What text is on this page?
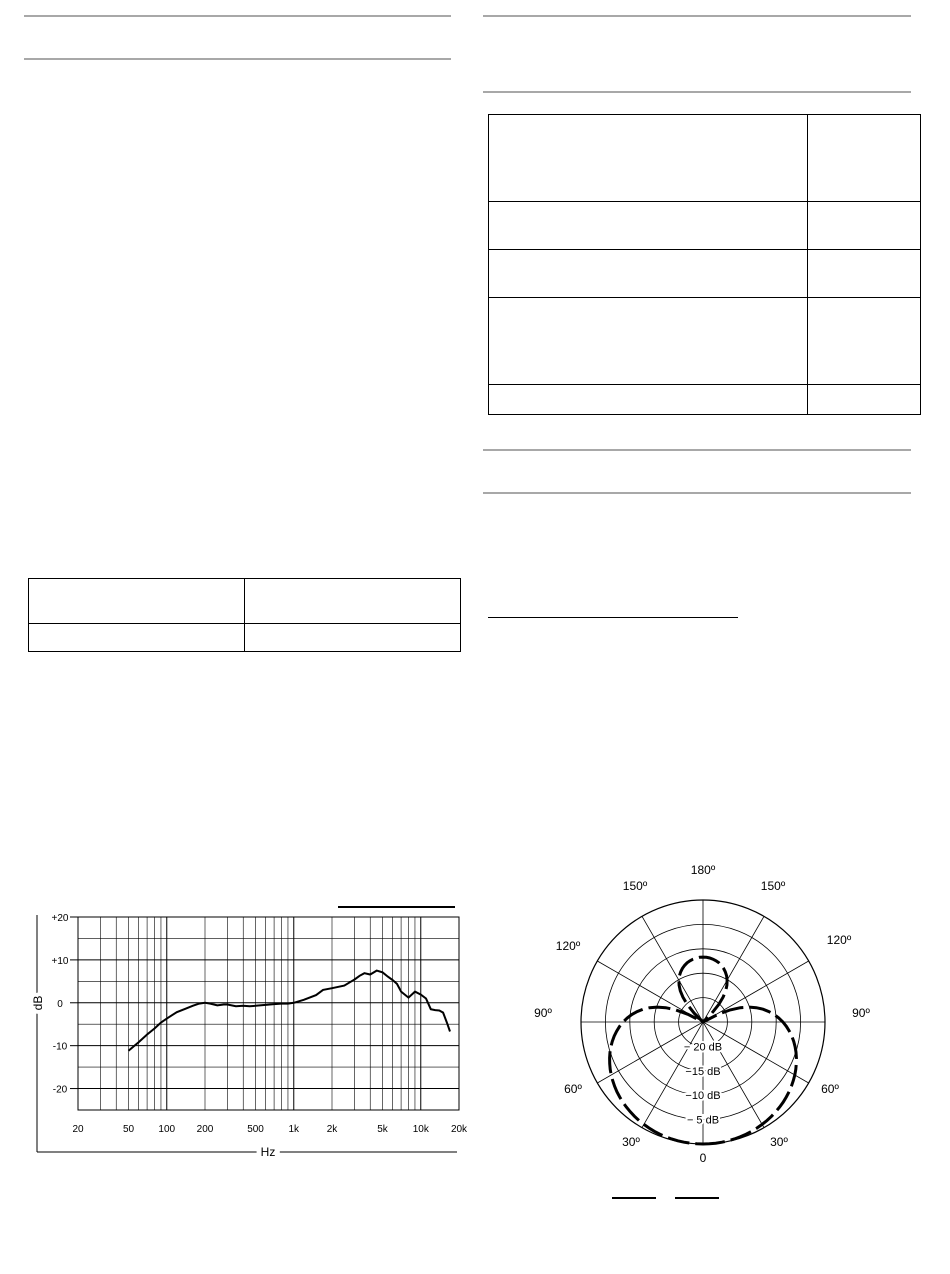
dB
Hz
+20
+10
0
-10
-20
20	50 100 200	500 1k	2k	5k 10k 20k
180º
150º	150º
120º	120º
90º	90º
60º	60º
30º	30º
0
− 20 dB
−15 dB
−10 dB
− 5 dB
